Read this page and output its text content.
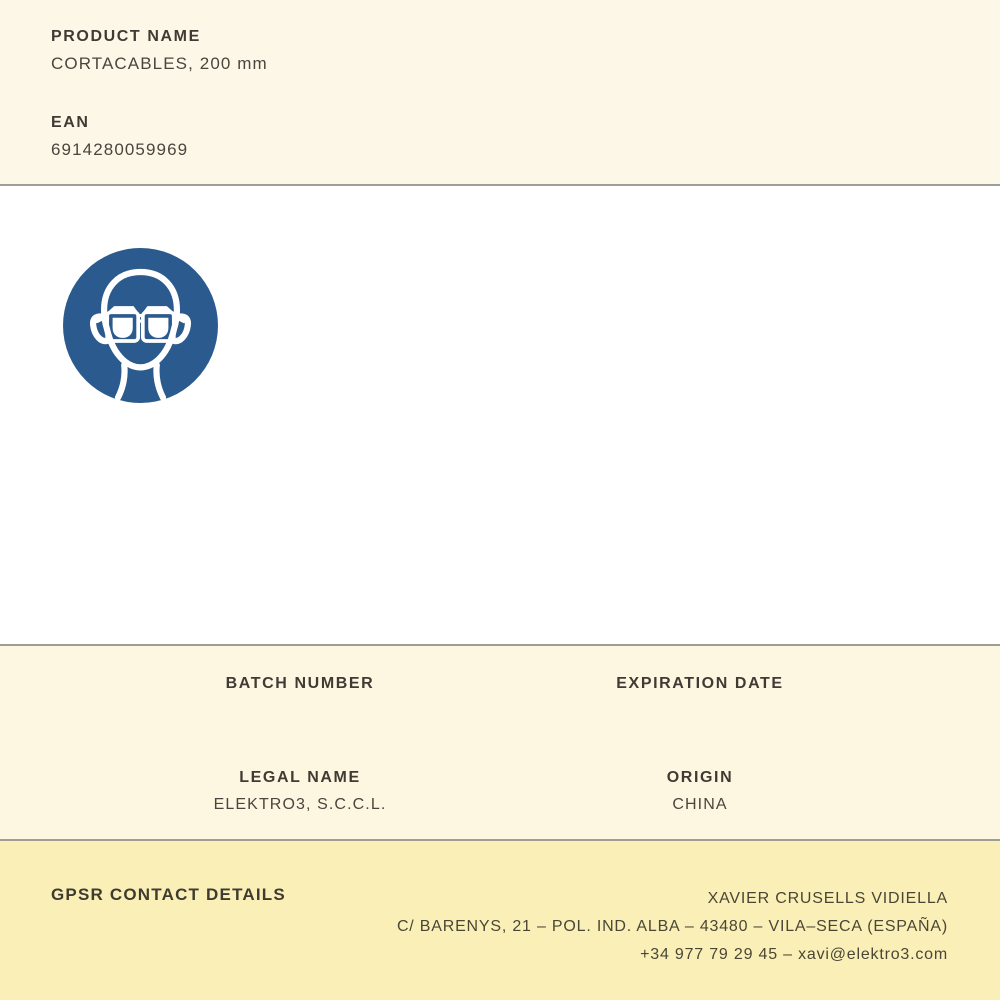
PRODUCT NAME
CORTACABLES, 200 mm
EAN
6914280059969
BATCH NUMBER	EXPIRATION DATE
LEGAL NAME
ELEKTRO3, S.C.C.L.
ORIGIN
CHINA
GPSR CONTACT DETAILS	XAVIER CRUSELLS VIDIELLA
C/ BARENYS, 21 – POL. IND. ALBA – 43480 – VILA–SECA (ESPAÑA)
+34 977 79 29 45 – xavi@elektro3.com
